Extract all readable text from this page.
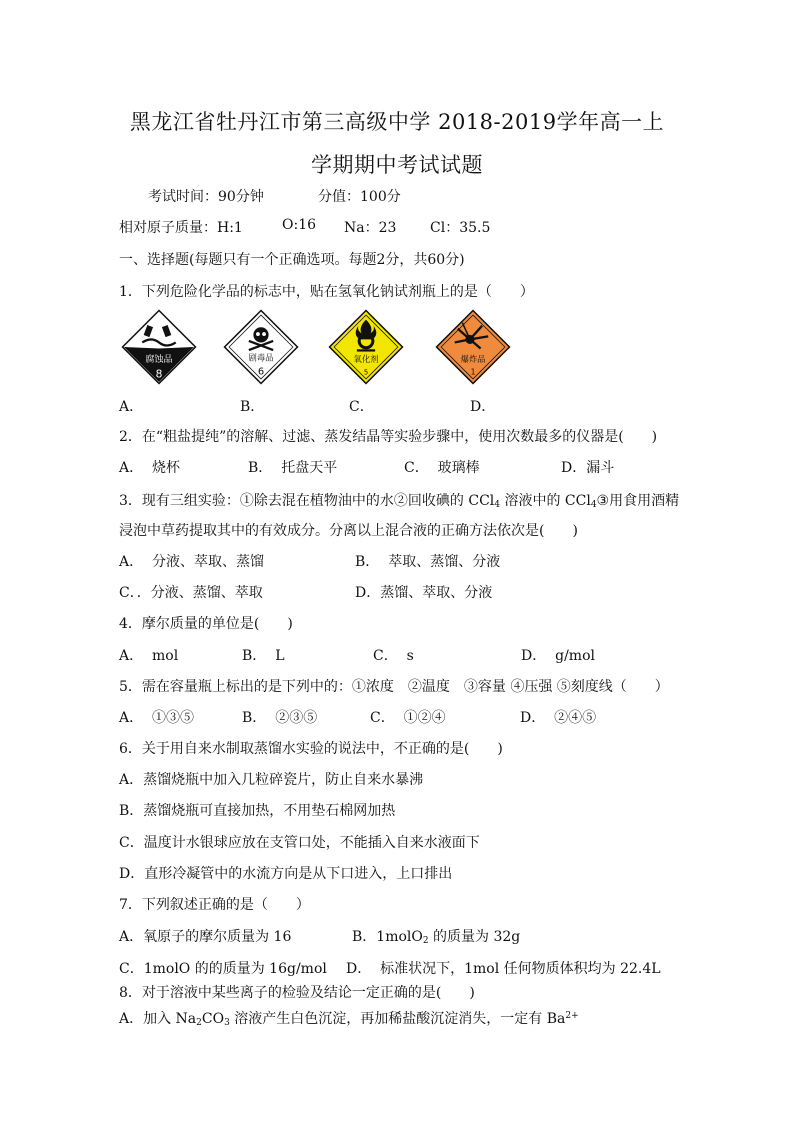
黑龙江省牡丹江市第三高级中学 2018-2019学年高一上
学期期中考试试题
考试时间：90分钟	分值：100分
相对原子质量：H:1	O:16 Na：23 Cl：35.5
一、选择题(每题只有一个正确选项。每题2分，共60分)
1．下列危险化学品的标志中，贴在氢氧化钠试剂瓶上的是（　　）
腐蚀品
8
剧毒品
6
氧化剂
5
爆炸品
1
A．	B．	C．	D．
2．在“粗盐提纯”的溶解、过滤、蒸发结晶等实验步骤中，使用次数最多的仪器是(　　)
A．  烧杯	B．  托盘天平	C．  玻璃棒	D．漏斗
3．现有三组实验：①除去混在植物油中的水②回收碘的 CCl$_4$ 溶液中的 CCl$_4$③用食用酒精
浸泡中草药提取其中的有效成分。分离以上混合液的正确方法依次是(　　)
A．  分液、萃取、蒸馏	B．  萃取、蒸馏、分液
C．．分液、蒸馏、萃取	D．蒸馏、萃取、分液
4．摩尔质量的单位是(　　)
A．  mol	B．  L	C．  s	D．  g/mol
5．需在容量瓶上标出的是下列中的：①浓度　②温度　③容量 ④压强 ⑤刻度线（　　）
A．  ①③⑤	B．  ②③⑤	C．  ①②④	D．  ②④⑤
6．关于用自来水制取蒸馏水实验的说法中，不正确的是(　　)
A．蒸馏烧瓶中加入几粒碎瓷片，防止自来水暴沸
B．蒸馏烧瓶可直接加热，不用垫石棉网加热
C．温度计水银球应放在支管口处，不能插入自来水液面下
D．直形冷凝管中的水流方向是从下口进入，上口排出
7．下列叙述正确的是（　　）
A．氧原子的摩尔质量为 16	B．1molO$_2$ 的质量为 32g
C．1molO 的的质量为 16g/mol D．  标准状况下，1mol 任何物质体积均为 22.4L
8．对于溶液中某些离子的检验及结论一定正确的是(　　)
A．加入 $Na_2CO_3$ 溶液产生白色沉淀，再加稀盐酸沉淀消失，一定有 $Ba^{2+}$
